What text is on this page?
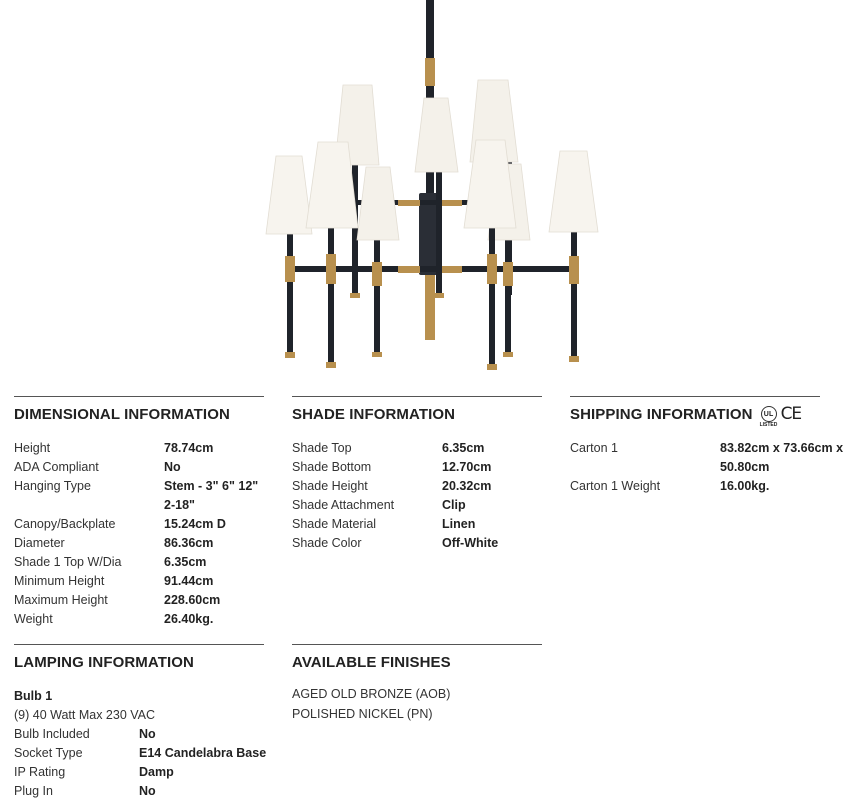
DIMENSIONAL INFORMATION
Height	78.74cm
ADA Compliant	No
Hanging Type	Stem - 3" 6" 12" 2-18"
Canopy/Backplate	15.24cm D
Diameter	86.36cm
Shade 1 Top W/Dia	6.35cm
Minimum Height	91.44cm
Maximum Height	228.60cm
Weight	26.40kg.
SHADE INFORMATION
Shade Top	6.35cm
Shade Bottom	12.70cm
Shade Height	20.32cm
Shade Attachment	Clip
Shade Material	Linen
Shade Color	Off-White
SHIPPING INFORMATION UL
LISTED
CE
Carton 1	83.82cm x 73.66cm x 50.80cm
Carton 1 Weight	16.00kg.
LAMPING INFORMATION
Bulb 1
(9) 40 Watt Max 230 VAC
Bulb Included	No
Socket Type	E14 Candelabra Base
IP Rating	Damp
Plug In	No
AVAILABLE FINISHES
AGED OLD BRONZE (AOB)
POLISHED NICKEL (PN)
